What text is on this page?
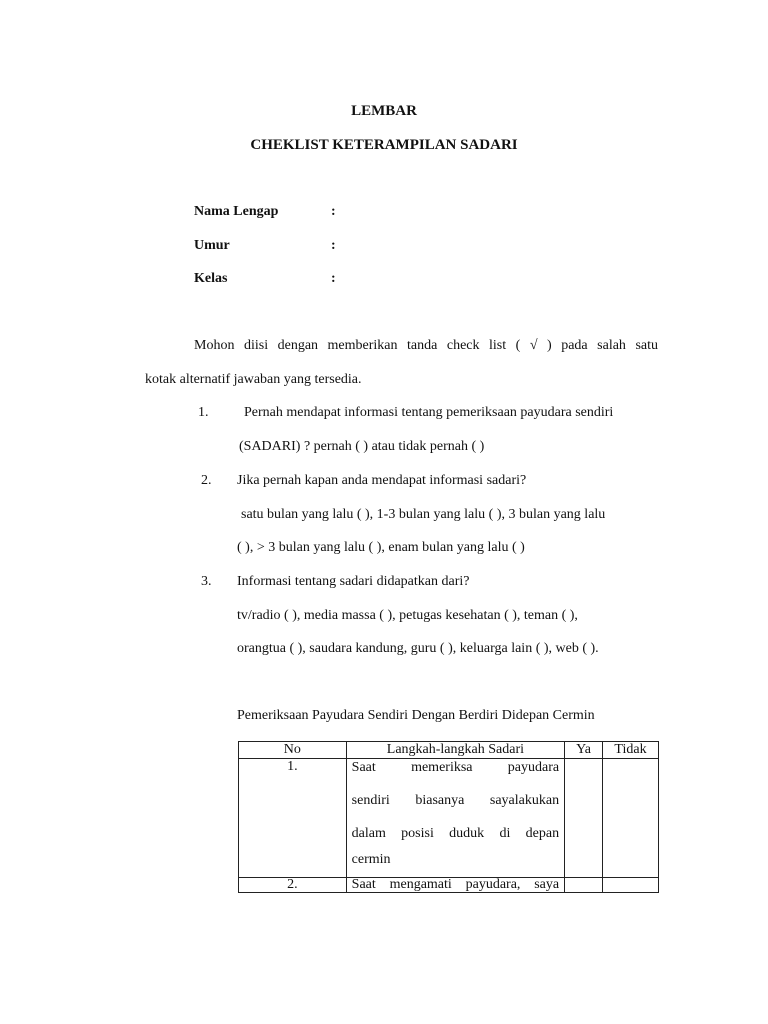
LEMBAR
CHEKLIST KETERAMPILAN SADARI
Nama Lengap	:
Umur	:
Kelas	:
Mohon diisi dengan memberikan tanda check list ( √ ) pada salah satu
kotak alternatif jawaban yang tersedia.
1.	Pernah mendapat informasi tentang pemeriksaan payudara sendiri
(SADARI) ? pernah ( ) atau tidak pernah ( )
2. Jika pernah kapan anda mendapat informasi sadari?
satu bulan yang lalu ( ), 1-3 bulan yang lalu ( ), 3 bulan yang lalu
( ), > 3 bulan yang lalu ( ), enam bulan yang lalu ( )
3. Informasi tentang sadari didapatkan dari?
tv/radio ( ), media massa ( ), petugas kesehatan ( ), teman ( ),
orangtua ( ), saudara kandung, guru ( ), keluarga lain ( ), web ( ).
Pemeriksaan Payudara Sendiri Dengan Berdiri Didepan Cermin
No	Langkah-langkah Sadari	Ya	Tidak
1.	Saat memeriksa payudara
sendiri biasanya sayalakukan
dalam posisi duduk di depan
cermin		

2.	Saat mengamati payudara, saya		
